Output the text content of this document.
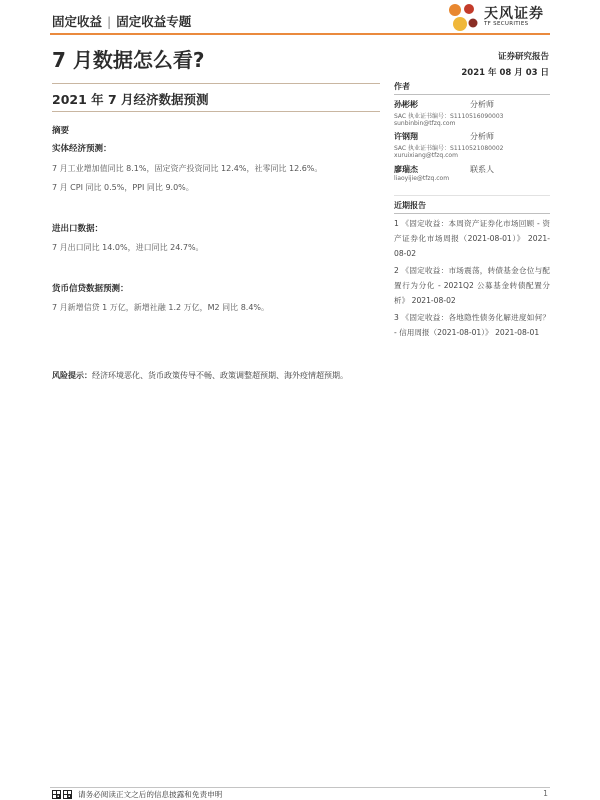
固定收益 | 固定收益专题	天风证券
TF SECURITIES
7 月数据怎么看?	证券研究报告
2021 年 08 月 03 日
2021 年 7 月经济数据预测
摘要
实体经济预测：
7 月工业增加值同比 8.1%，固定资产投资同比 12.4%，社零同比 12.6%。
7 月 CPI 同比 0.5%，PPI 同比 9.0%。
进出口数据：
7 月出口同比 14.0%，进口同比 24.7%。
货币信贷数据预测：
7 月新增信贷 1 万亿，新增社融 1.2 万亿，M2 同比 8.4%。
风险提示：经济环境恶化、货币政策传导不畅、政策调整超预期、海外疫情超预期。
作者
孙彬彬	分析师
SAC 执业证书编号：S1110516090003
sunbinbin@tfzq.com
许钢翔	分析师
SAC 执业证书编号：S1110521080002
xuruixiang@tfzq.com
廖瑞杰	联系人
liaoyijie@tfzq.com
近期报告
1 《固定收益：本周资产证券化市场回顾 - 资产证券化市场周报（2021-08-01）》 2021-08-02
2 《固定收益：市场震荡，转债基金仓位与配置行为分化 - 2021Q2 公募基金转债配置分析》 2021-08-02
3 《固定收益：各地隐性债务化解进度如何？ - 信用周报（2021-08-01）》 2021-08-01
请务必阅读正文之后的信息披露和免责申明	1
